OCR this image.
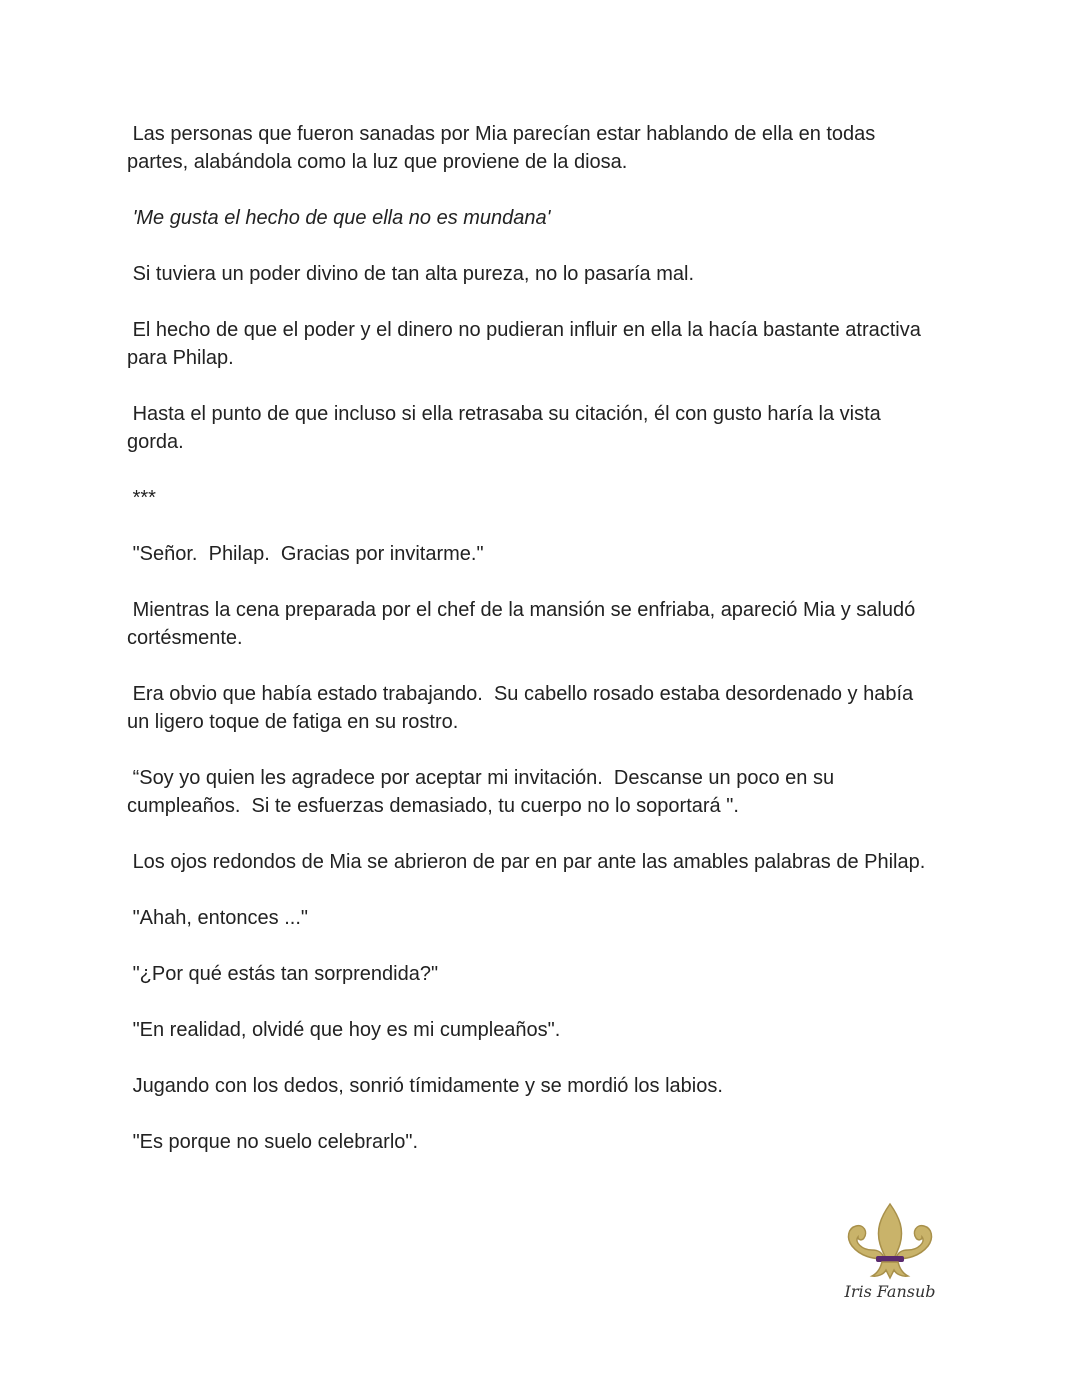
Las personas que fueron sanadas por Mia parecían estar hablando de ella en todas partes, alabándola como la luz que proviene de la diosa.

'Me gusta el hecho de que ella no es mundana'

Si tuviera un poder divino de tan alta pureza, no lo pasaría mal.

El hecho de que el poder y el dinero no pudieran influir en ella la hacía bastante atractiva para Philap.

Hasta el punto de que incluso si ella retrasaba su citación, él con gusto haría la vista gorda.

***

"Señor.  Philap.  Gracias por invitarme."

Mientras la cena preparada por el chef de la mansión se enfriaba, apareció Mia y saludó cortésmente.

Era obvio que había estado trabajando.  Su cabello rosado estaba desordenado y había un ligero toque de fatiga en su rostro.

“Soy yo quien les agradece por aceptar mi invitación.  Descanse un poco en su cumpleaños.  Si te esfuerzas demasiado, tu cuerpo no lo soportará ".

Los ojos redondos de Mia se abrieron de par en par ante las amables palabras de Philap.

"Ahah, entonces ..."

"¿Por qué estás tan sorprendida?"

"En realidad, olvidé que hoy es mi cumpleaños".

Jugando con los dedos, sonrió tímidamente y se mordió los labios.

"Es porque no suelo celebrarlo".

Iris Fansub
